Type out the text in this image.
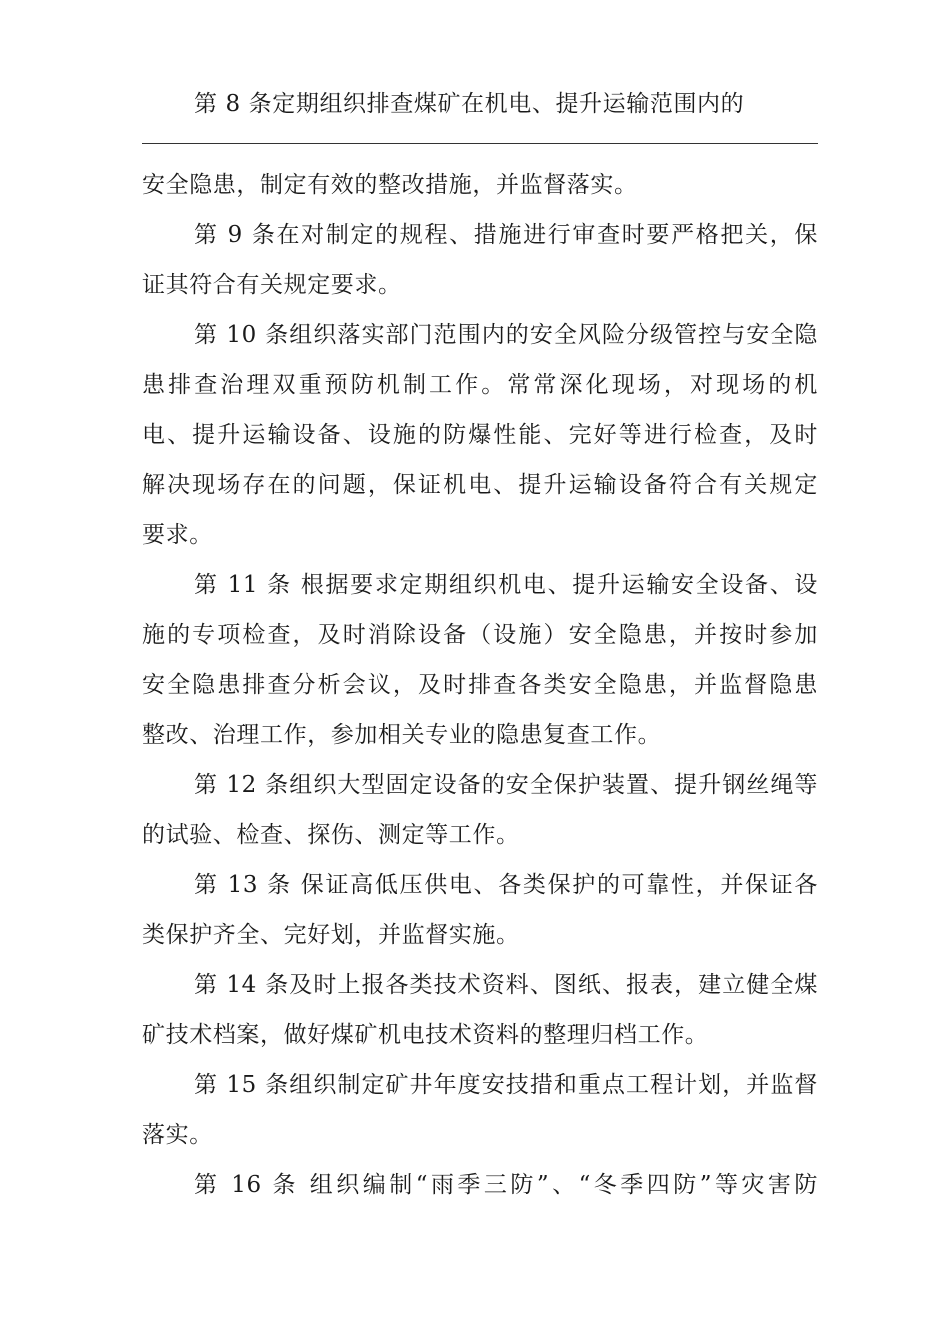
第 8 条定期组织排查煤矿在机电、提升运输范围内的
安全隐患，制定有效的整改措施，并监督落实。
第 9 条在对制定的规程、措施进行审查时要严格把关，保
证其符合有关规定要求。
第 10 条组织落实部门范围内的安全风险分级管控与安全隐
患排查治理双重预防机制工作。常常深化现场，对现场的机
电、提升运输设备、设施的防爆性能、完好等进行检查，及时
解决现场存在的问题，保证机电、提升运输设备符合有关规定
要求。
第 11 条 根据要求定期组织机电、提升运输安全设备、设
施的专项检查，及时消除设备（设施）安全隐患，并按时参加
安全隐患排查分析会议，及时排查各类安全隐患，并监督隐患
整改、治理工作，参加相关专业的隐患复查工作。
第 12 条组织大型固定设备的安全保护装置、提升钢丝绳等
的试验、检查、探伤、测定等工作。
第 13 条 保证高低压供电、各类保护的可靠性，并保证各
类保护齐全、完好划，并监督实施。
第 14 条及时上报各类技术资料、图纸、报表，建立健全煤
矿技术档案，做好煤矿机电技术资料的整理归档工作。
第 15 条组织制定矿井年度安技措和重点工程计划，并监督
落实。
第 16 条 组织编制“雨季三防”、“冬季四防”等灾害防
